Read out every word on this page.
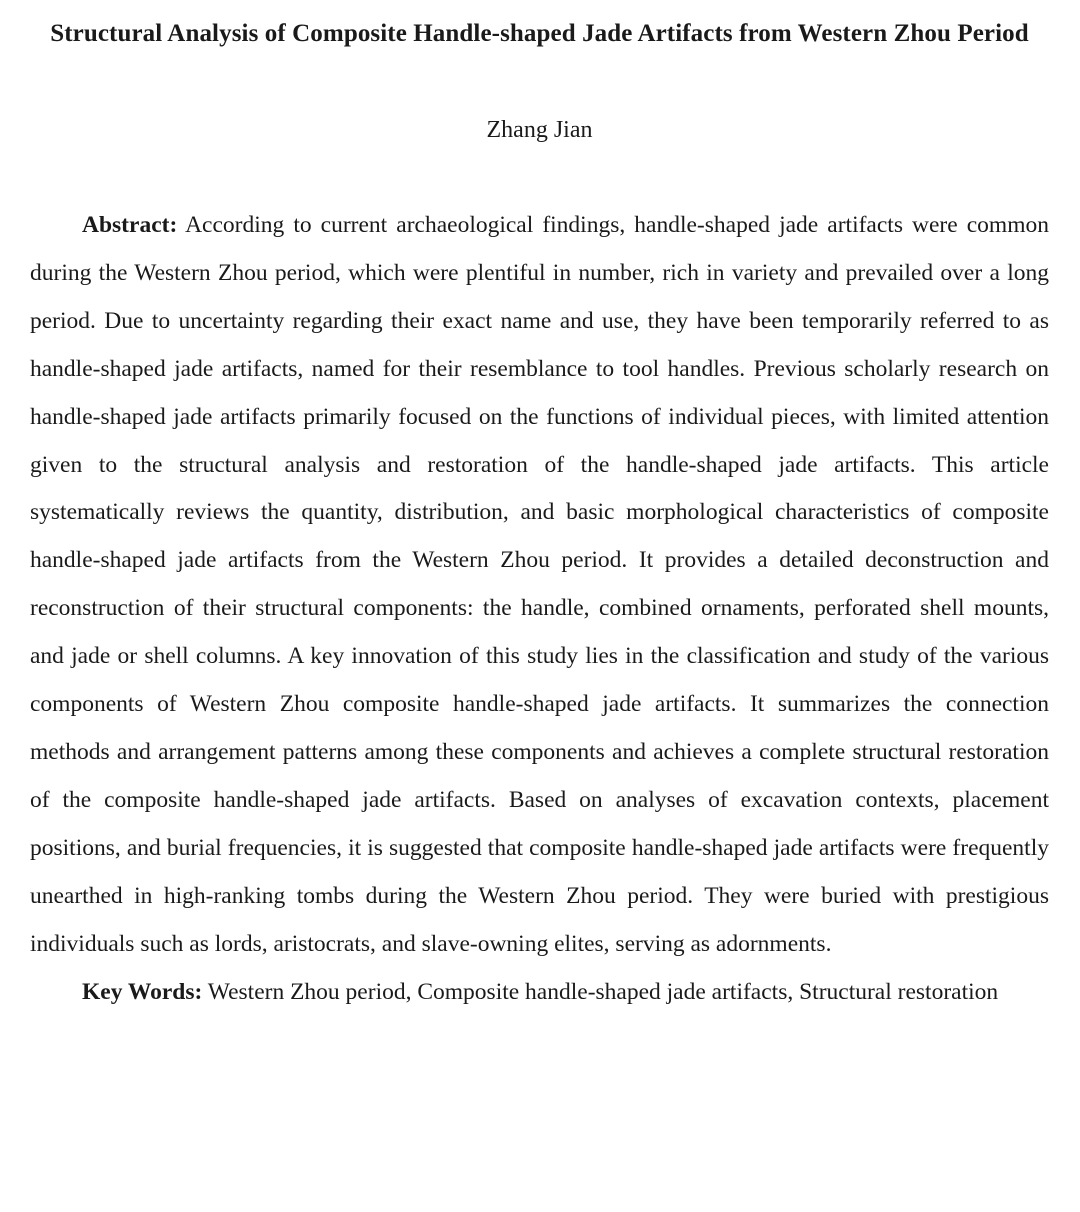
Structural Analysis of Composite Handle-shaped Jade Artifacts from Western Zhou Period

Zhang Jian

Abstract: According to current archaeological findings, handle-shaped jade artifacts were common during the Western Zhou period, which were plentiful in number, rich in variety and prevailed over a long period. Due to uncertainty regarding their exact name and use, they have been temporarily referred to as handle-shaped jade artifacts, named for their resemblance to tool handles. Previous scholarly research on handle-shaped jade artifacts primarily focused on the functions of individual pieces, with limited attention given to the structural analysis and restoration of the handle-shaped jade artifacts. This article systematically reviews the quantity, distribution, and basic morphological characteristics of composite handle-shaped jade artifacts from the Western Zhou period. It provides a detailed deconstruction and reconstruction of their structural components: the handle, combined ornaments, perforated shell mounts, and jade or shell columns. A key innovation of this study lies in the classification and study of the various components of Western Zhou composite handle-shaped jade artifacts. It summarizes the connection methods and arrangement patterns among these components and achieves a complete structural restoration of the composite handle-shaped jade artifacts. Based on analyses of excavation contexts, placement positions, and burial frequencies, it is suggested that composite handle-shaped jade artifacts were frequently unearthed in high-ranking tombs during the Western Zhou period. They were buried with prestigious individuals such as lords, aristocrats, and slave-owning elites, serving as adornments.

Key Words: Western Zhou period, Composite handle-shaped jade artifacts, Structural restoration
